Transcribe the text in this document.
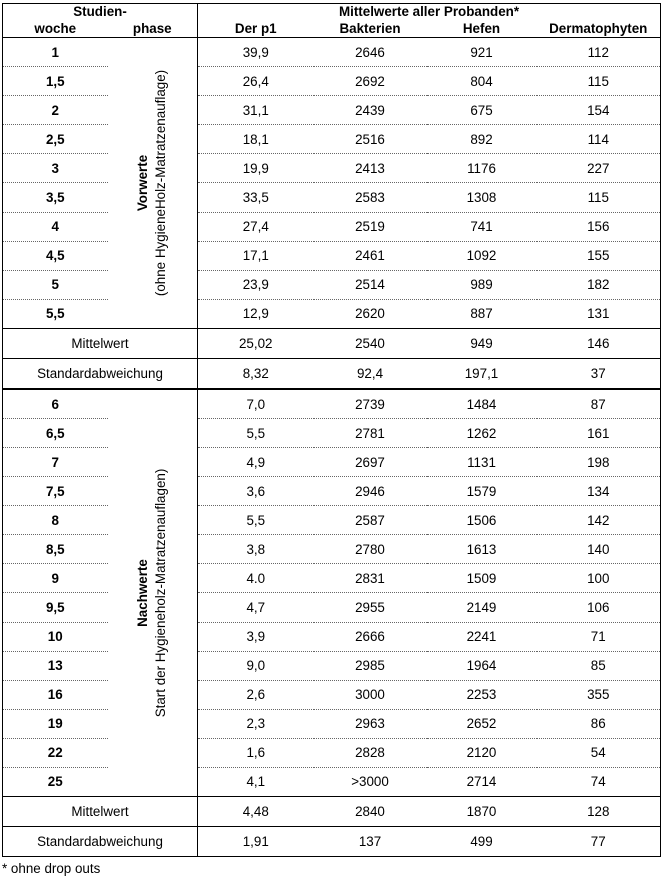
Studien-		Mittelwerte aller Probanden*			
woche	phase	Der p1	Bakterien	Hefen	Dermatophyten
1	Vorwerte (ohne HygieneHolz-Matratzenauflage)	39,9	2646	921	112
1,5		26,4	2692	804	115
2		31,1	2439	675	154
2,5		18,1	2516	892	114
3		19,9	2413	1176	227
3,5		33,5	2583	1308	115
4		27,4	2519	741	156
4,5		17,1	2461	1092	155
5		23,9	2514	989	182
5,5		12,9	2620	887	131
Mittelwert		25,02	2540	949	146
Standardabweichung		8,32	92,4	197,1	37
6	Nachwerte Start der Hygieneholz-Matratzenauflagen)	7,0	2739	1484	87
6,5		5,5	2781	1262	161
7		4,9	2697	1131	198
7,5		3,6	2946	1579	134
8		5,5	2587	1506	142
8,5		3,8	2780	1613	140
9		4.0	2831	1509	100
9,5		4,7	2955	2149	106
10		3,9	2666	2241	71
13		9,0	2985	1964	85
16		2,6	3000	2253	355
19		2,3	2963	2652	86
22		1,6	2828	2120	54
25		4,1	>3000	2714	74
Mittelwert		4,48	2840	1870	128
Standardabweichung		1,91	137	499	77
* ohne drop outs
